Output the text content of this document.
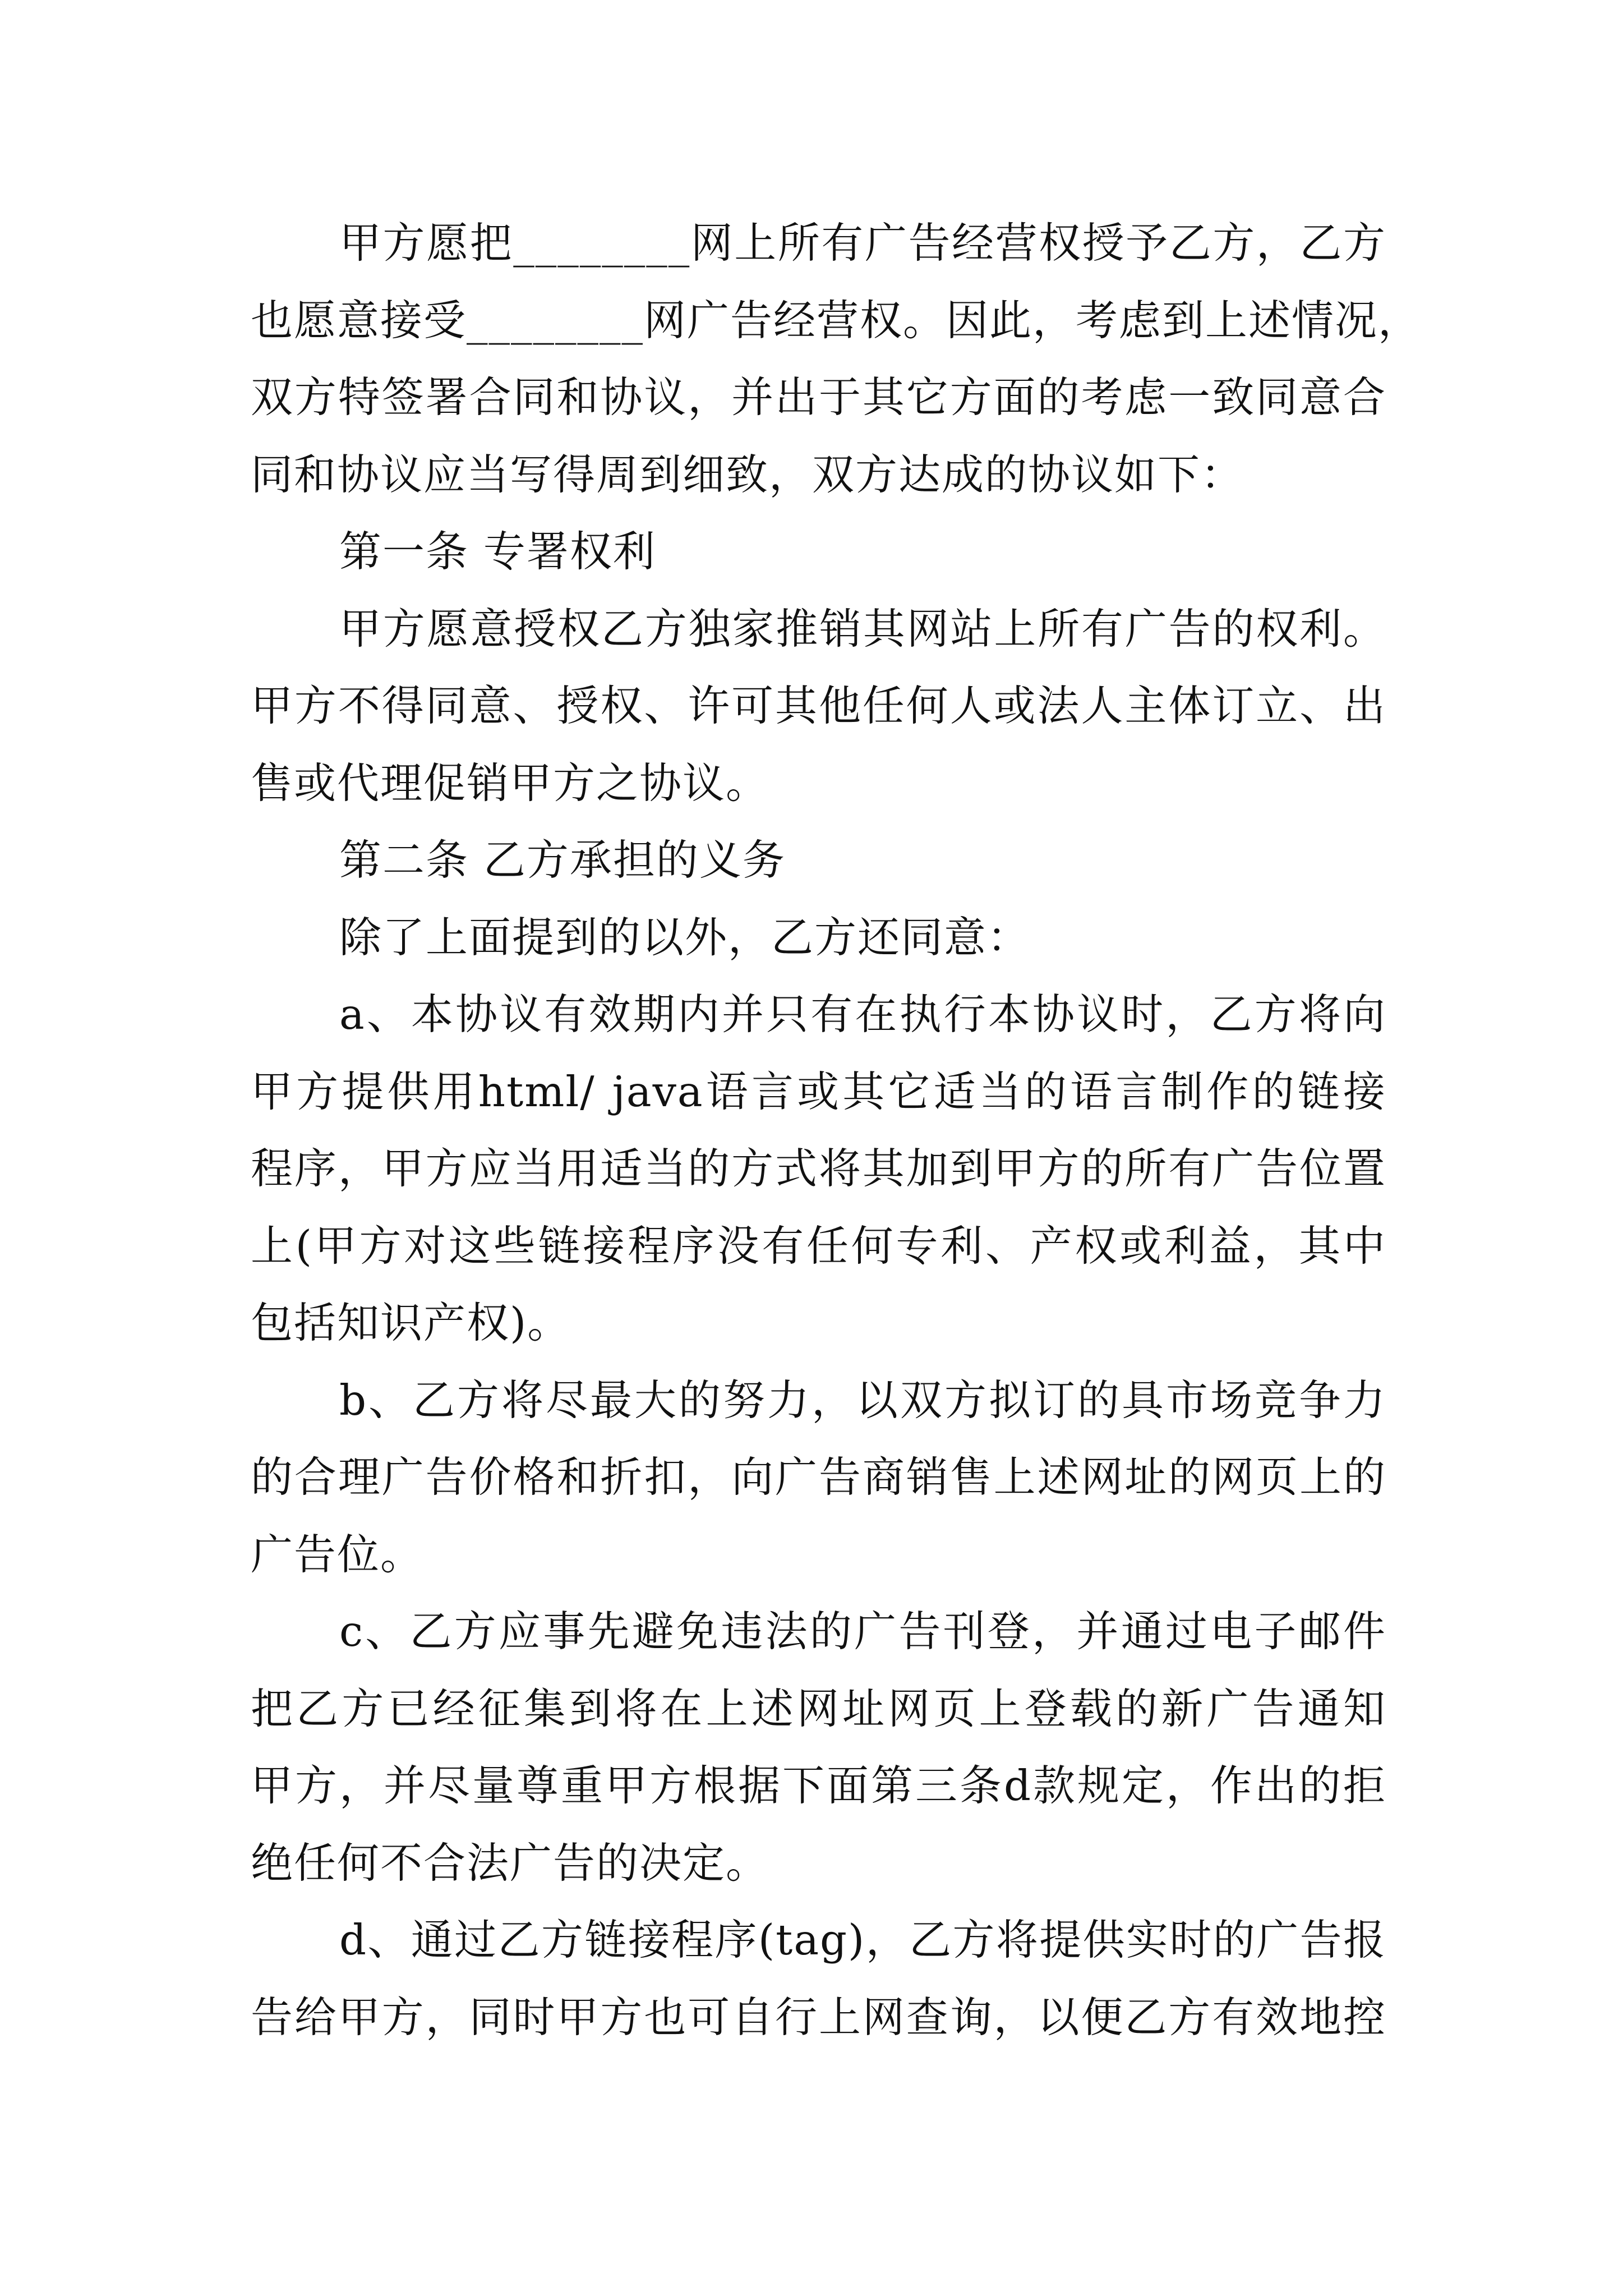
甲方愿把________网上所有广告经营权授予乙方，乙方
也愿意接受________网广告经营权。因此，考虑到上述情况，
双方特签署合同和协议，并出于其它方面的考虑一致同意合
同和协议应当写得周到细致，双方达成的协议如下：
第一条 专署权利
甲方愿意授权乙方独家推销其网站上所有广告的权利。
甲方不得同意、授权、许可其他任何人或法人主体订立、出
售或代理促销甲方之协议。
第二条 乙方承担的义务
除了上面提到的以外，乙方还同意：
a、本协议有效期内并只有在执行本协议时，乙方将向
甲方提供用html/ java语言或其它适当的语言制作的链接
程序，甲方应当用适当的方式将其加到甲方的所有广告位置
上(甲方对这些链接程序没有任何专利、产权或利益，其中
包括知识产权)。
b、乙方将尽最大的努力，以双方拟订的具市场竞争力
的合理广告价格和折扣，向广告商销售上述网址的网页上的
广告位。
c、乙方应事先避免违法的广告刊登，并通过电子邮件
把乙方已经征集到将在上述网址网页上登载的新广告通知
甲方，并尽量尊重甲方根据下面第三条d款规定，作出的拒
绝任何不合法广告的决定。
d、通过乙方链接程序(tag)，乙方将提供实时的广告报
告给甲方，同时甲方也可自行上网查询，以便乙方有效地控
